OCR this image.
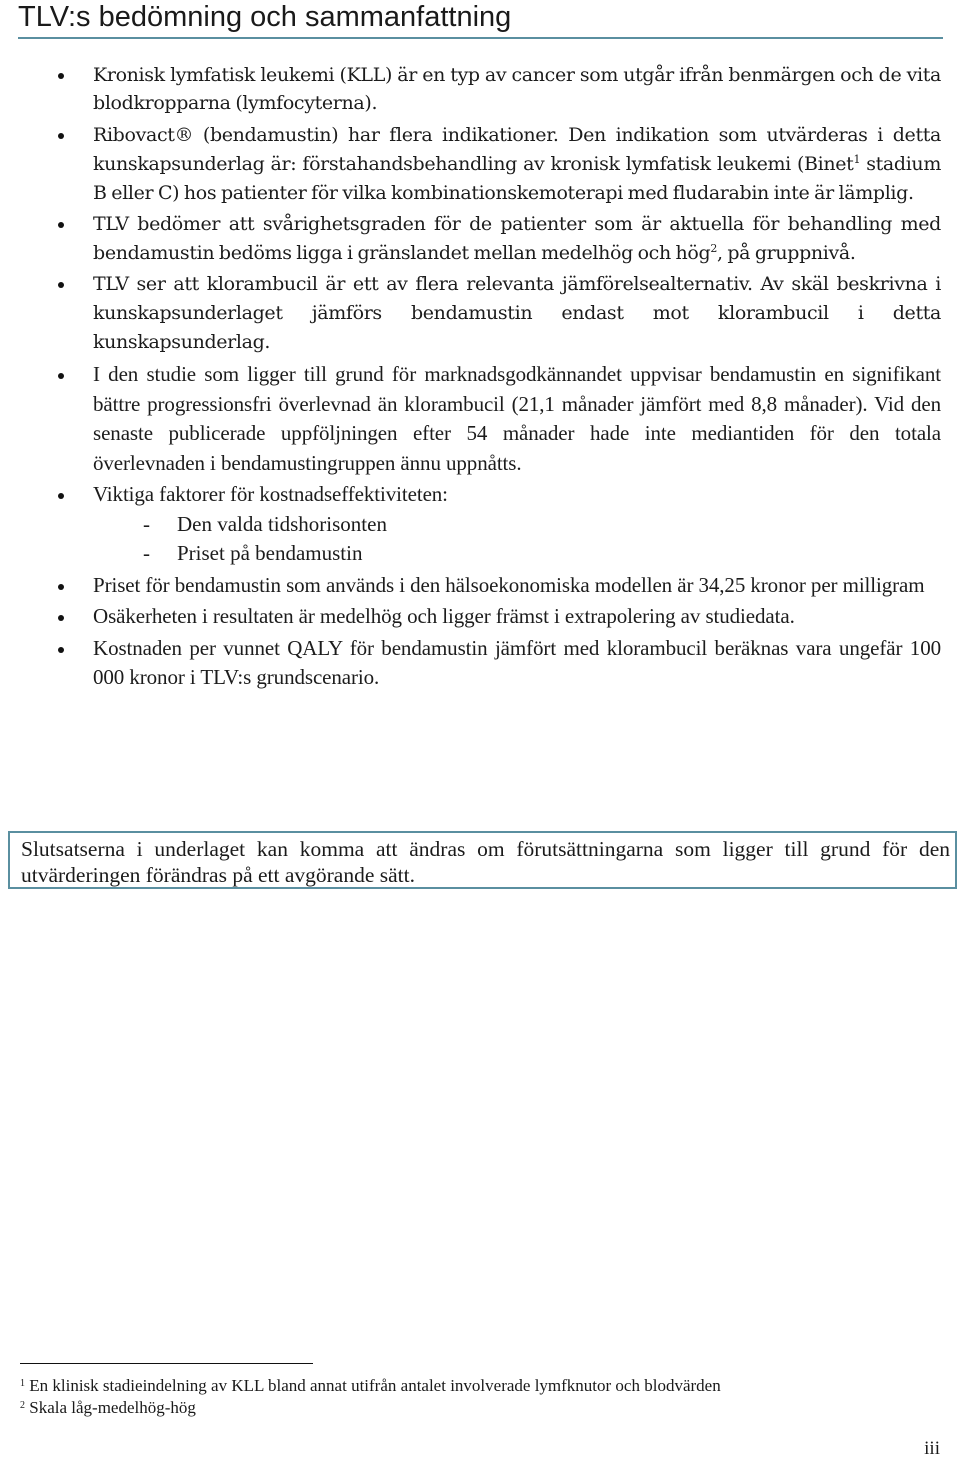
TLV:s bedömning och sammanfattning
Kronisk lymfatisk leukemi (KLL) är en typ av cancer som utgår ifrån benmärgen och de vita blodkropparna (lymfocyterna).
Ribovact® (bendamustin) har flera indikationer. Den indikation som utvärderas i detta kunskapsunderlag är: förstahandsbehandling av kronisk lymfatisk leukemi (Binet$^1$ stadium B eller C) hos patienter för vilka kombinationskemoterapi med fludarabin inte är lämplig.
TLV bedömer att svårighetsgraden för de patienter som är aktuella för behandling med bendamustin bedöms ligga i gränslandet mellan medelhög och hög$^2$, på gruppnivå.
TLV ser att klorambucil är ett av flera relevanta jämförelsealternativ. Av skäl beskrivna i kunskapsunderlaget jämförs bendamustin endast mot klorambucil i detta kunskapsunderlag.
I den studie som ligger till grund för marknadsgodkännandet uppvisar bendamustin en signifikant bättre progressionsfri överlevnad än klorambucil (21,1 månader jämfört med 8,8 månader). Vid den senaste publicerade uppföljningen efter 54 månader hade inte mediantiden för den totala överlevnaden i bendamustingruppen ännu uppnåtts.
Viktiga faktorer för kostnadseffektiviteten:
- Den valda tidshorisonten
- Priset på bendamustin
Priset för bendamustin som används i den hälsoekonomiska modellen är 34,25 kronor per milligram
Osäkerheten i resultaten är medelhög och ligger främst i extrapolering av studiedata.
Kostnaden per vunnet QALY för bendamustin jämfört med klorambucil beräknas vara ungefär 100 000 kronor i TLV:s grundscenario.
Slutsatserna i underlaget kan komma att ändras om förutsättningarna som ligger till grund för den utvärderingen förändras på ett avgörande sätt.
$^1$ En klinisk stadieindelning av KLL bland annat utifrån antalet involverade lymfknutor och blodvärden
$^2$ Skala låg-medelhög-hög
iii
